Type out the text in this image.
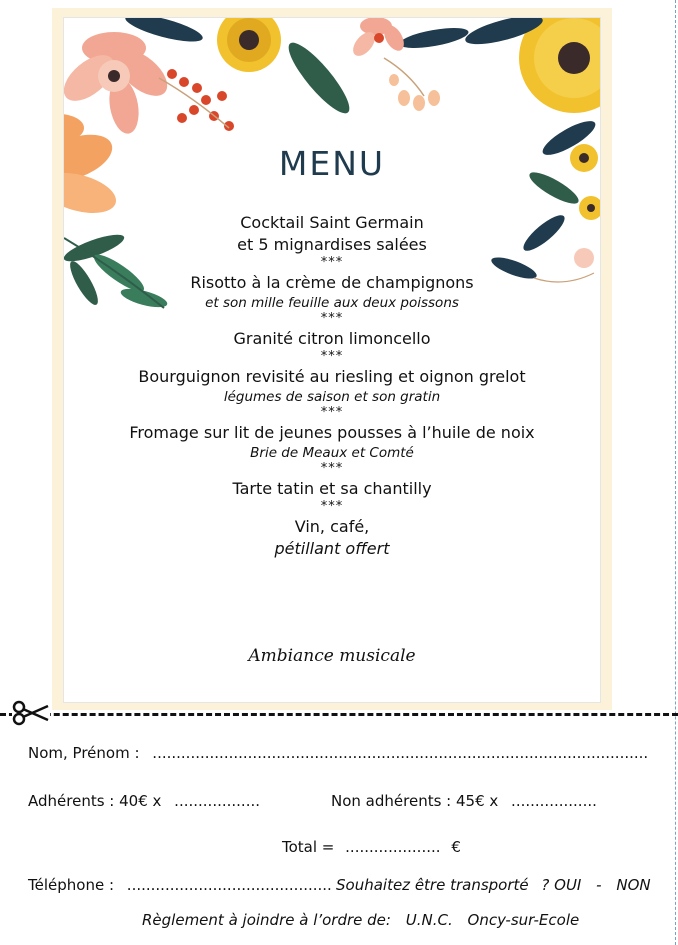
MENU
Cocktail Saint Germain
et 5 mignardises salées
***
Risotto à la crème de champignons
et son mille feuille aux deux poissons
***
Granité citron limoncello
***
Bourguignon revisité au riesling et oignon grelot
légumes de saison et son gratin
***
Fromage sur lit de jeunes pousses à l’huile de noix
Brie de Meaux et Comté
***
Tarte tatin et sa chantilly
***
Vin, café,
pétillant offert
Ambiance musicale
Nom, Prénom : ........................................................................................................
Adhérents : 40€ x ..................	Non adhérents : 45€ x ..................
Total = .................... €
Téléphone : ........................................... Souhaitez être transporté ? OUI - NON
Règlement à joindre à l’ordre de: U.N.C. Oncy-sur-Ecole
